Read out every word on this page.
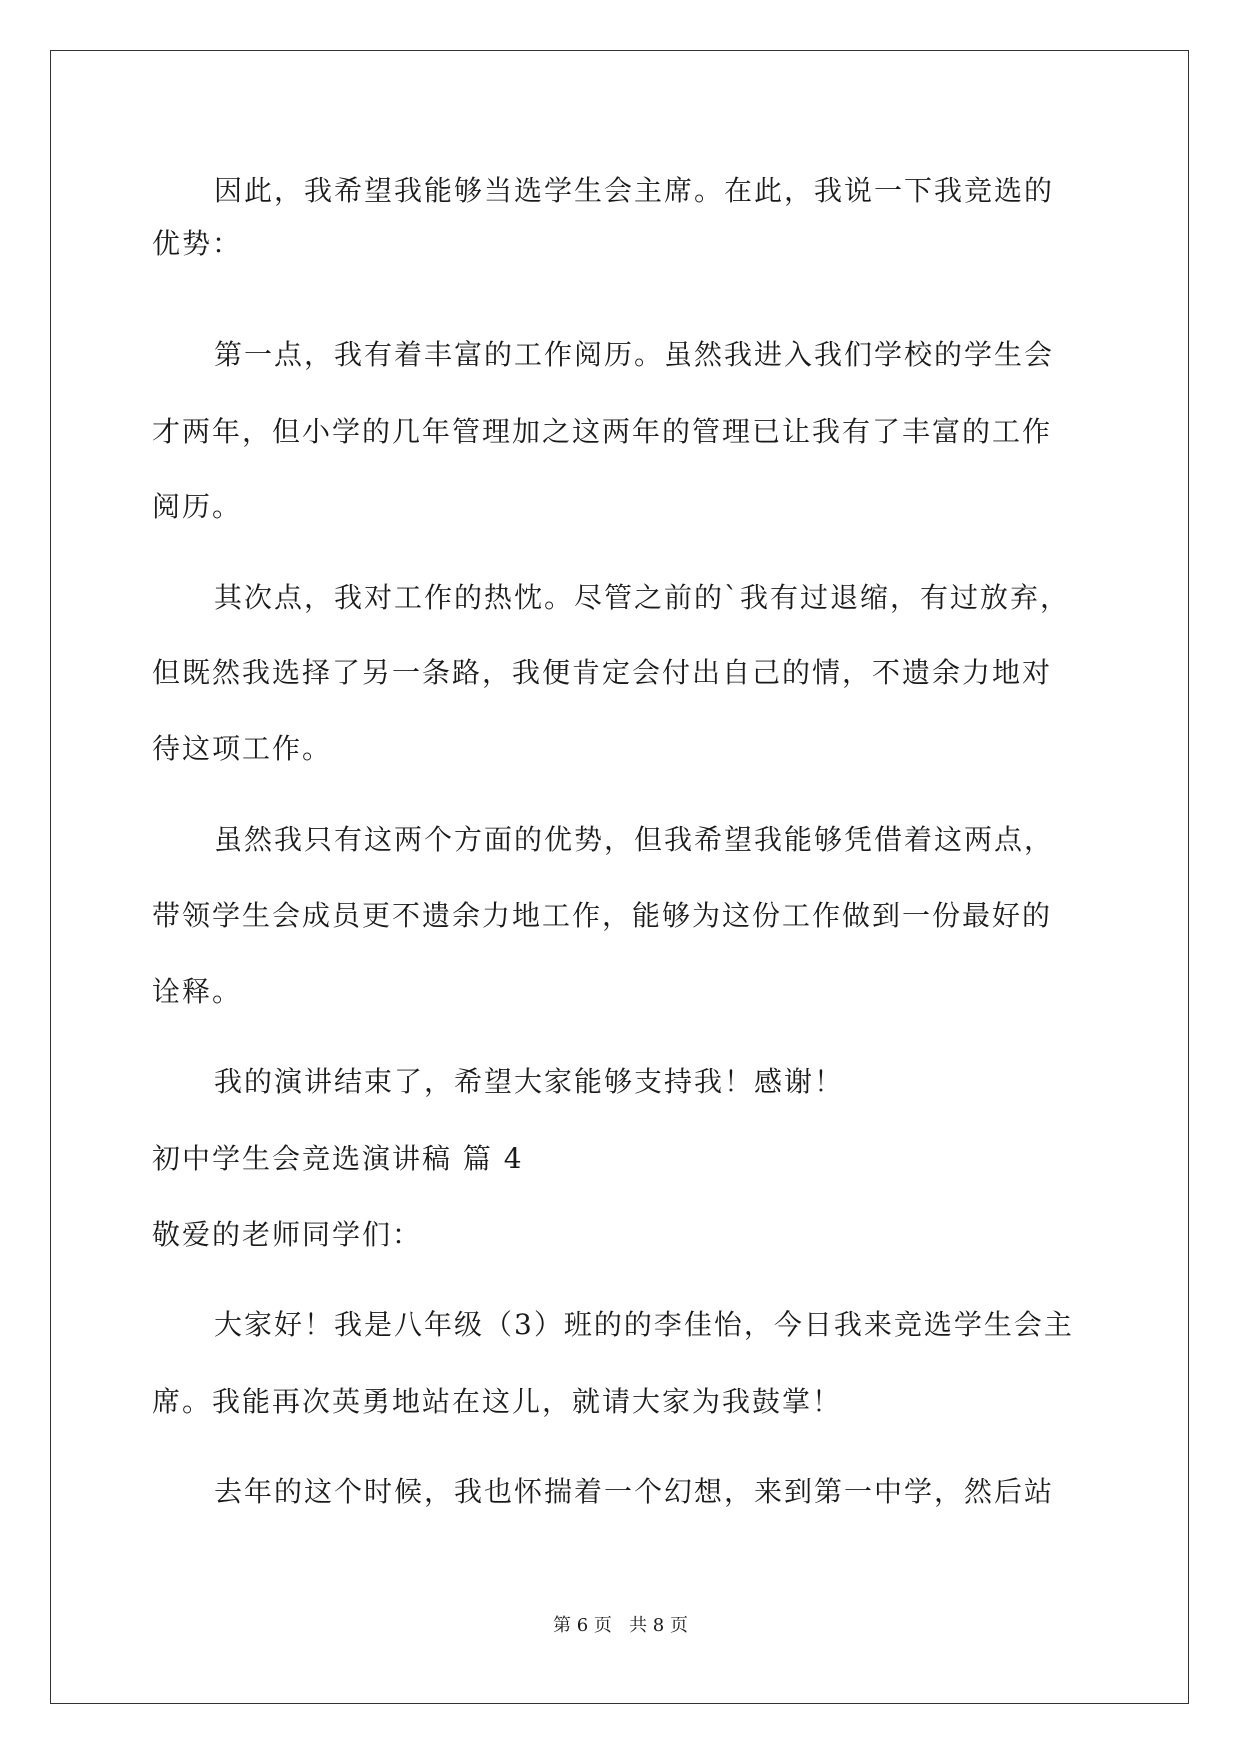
因此，我希望我能够当选学生会主席。在此，我说一下我竞选的
优势：
第一点，我有着丰富的工作阅历。虽然我进入我们学校的学生会
才两年，但小学的几年管理加之这两年的管理已让我有了丰富的工作
阅历。
其次点，我对工作的热忱。尽管之前的`我有过退缩，有过放弃，
但既然我选择了另一条路，我便肯定会付出自己的情，不遗余力地对
待这项工作。
虽然我只有这两个方面的优势，但我希望我能够凭借着这两点，
带领学生会成员更不遗余力地工作，能够为这份工作做到一份最好的
诠释。
我的演讲结束了，希望大家能够支持我！感谢！
初中学生会竞选演讲稿 篇 4
敬爱的老师同学们：
大家好！我是八年级（3）班的的李佳怡，今日我来竞选学生会主
席。我能再次英勇地站在这儿，就请大家为我鼓掌！
去年的这个时候，我也怀揣着一个幻想，来到第一中学，然后站
第 6 页   共 8 页
